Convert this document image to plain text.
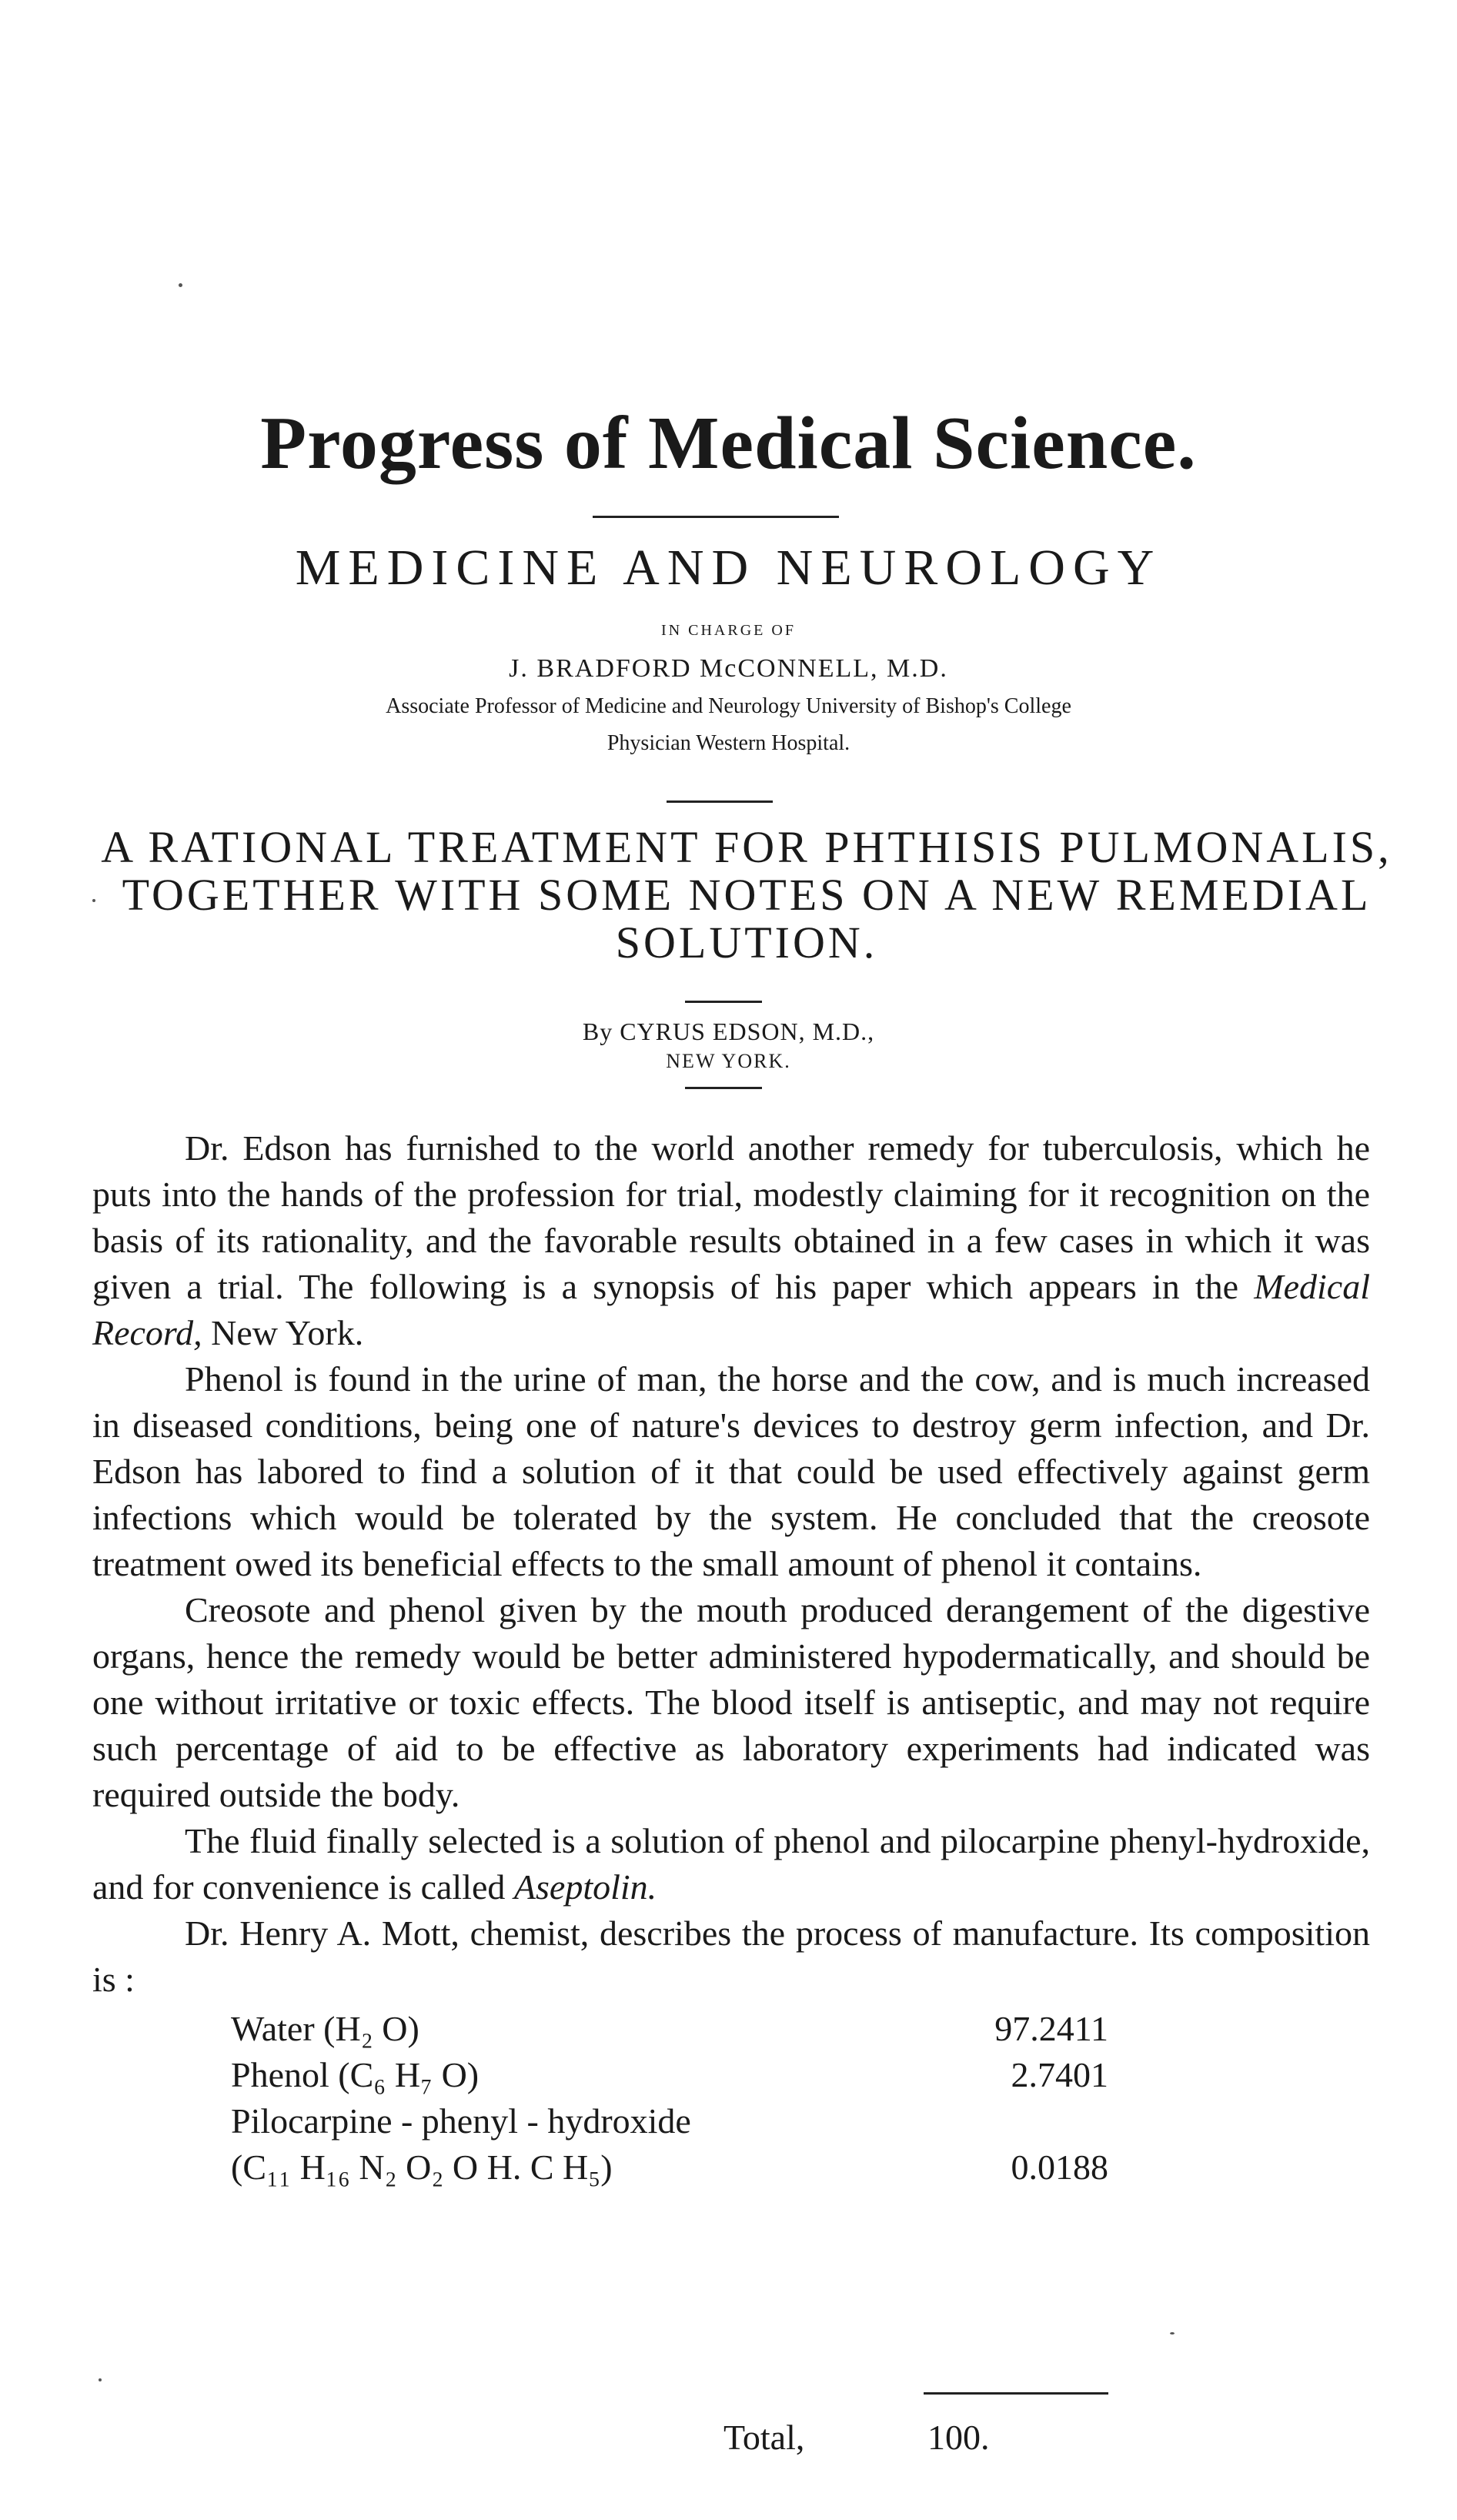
Progress of Medical Science.
MEDICINE AND NEUROLOGY
IN CHARGE OF
J. BRADFORD McCONNELL, M.D.
Associate Professor of Medicine and Neurology University of Bishop's College
Physician Western Hospital.
A RATIONAL TREATMENT FOR PHTHISIS PULMONALIS, TOGETHER WITH SOME NOTES ON A NEW REMEDIAL SOLUTION.
By CYRUS EDSON, M.D.,
NEW YORK.

Dr. Edson has furnished to the world another remedy for tuberculosis, which he puts into the hands of the profession for trial, modestly claiming for it recognition on the basis of its rationality, and the favorable results obtained in a few cases in which it was given a trial. The following is a synopsis of his paper which appears in the Medical Record, New York.

Phenol is found in the urine of man, the horse and the cow, and is much increased in diseased conditions, being one of nature's devices to destroy germ infection, and Dr. Edson has labored to find a solution of it that could be used effectively against germ infections which would be tolerated by the system. He concluded that the creosote treatment owed its beneficial effects to the small amount of phenol it contains.

Creosote and phenol given by the mouth produced derangement of the digestive organs, hence the remedy would be better administered hypodermatically, and should be one without irritative or toxic effects. The blood itself is antiseptic, and may not require such percentage of aid to be effective as laboratory experiments had indicated was required outside the body.

The fluid finally selected is a solution of phenol and pilocarpine phenyl-hydroxide, and for convenience is called Aseptolin.

Dr. Henry A. Mott, chemist, describes the process of manufacture. Its composition is :

Water (H₂ O)	97.2411
Phenol (C₆ H₇ O)	2.7401
Pilocarpine - phenyl - hydroxide
(C₁₁ H₁₆ N₂ O₂ O H. C H₅)	0.0188
Total,	100.
